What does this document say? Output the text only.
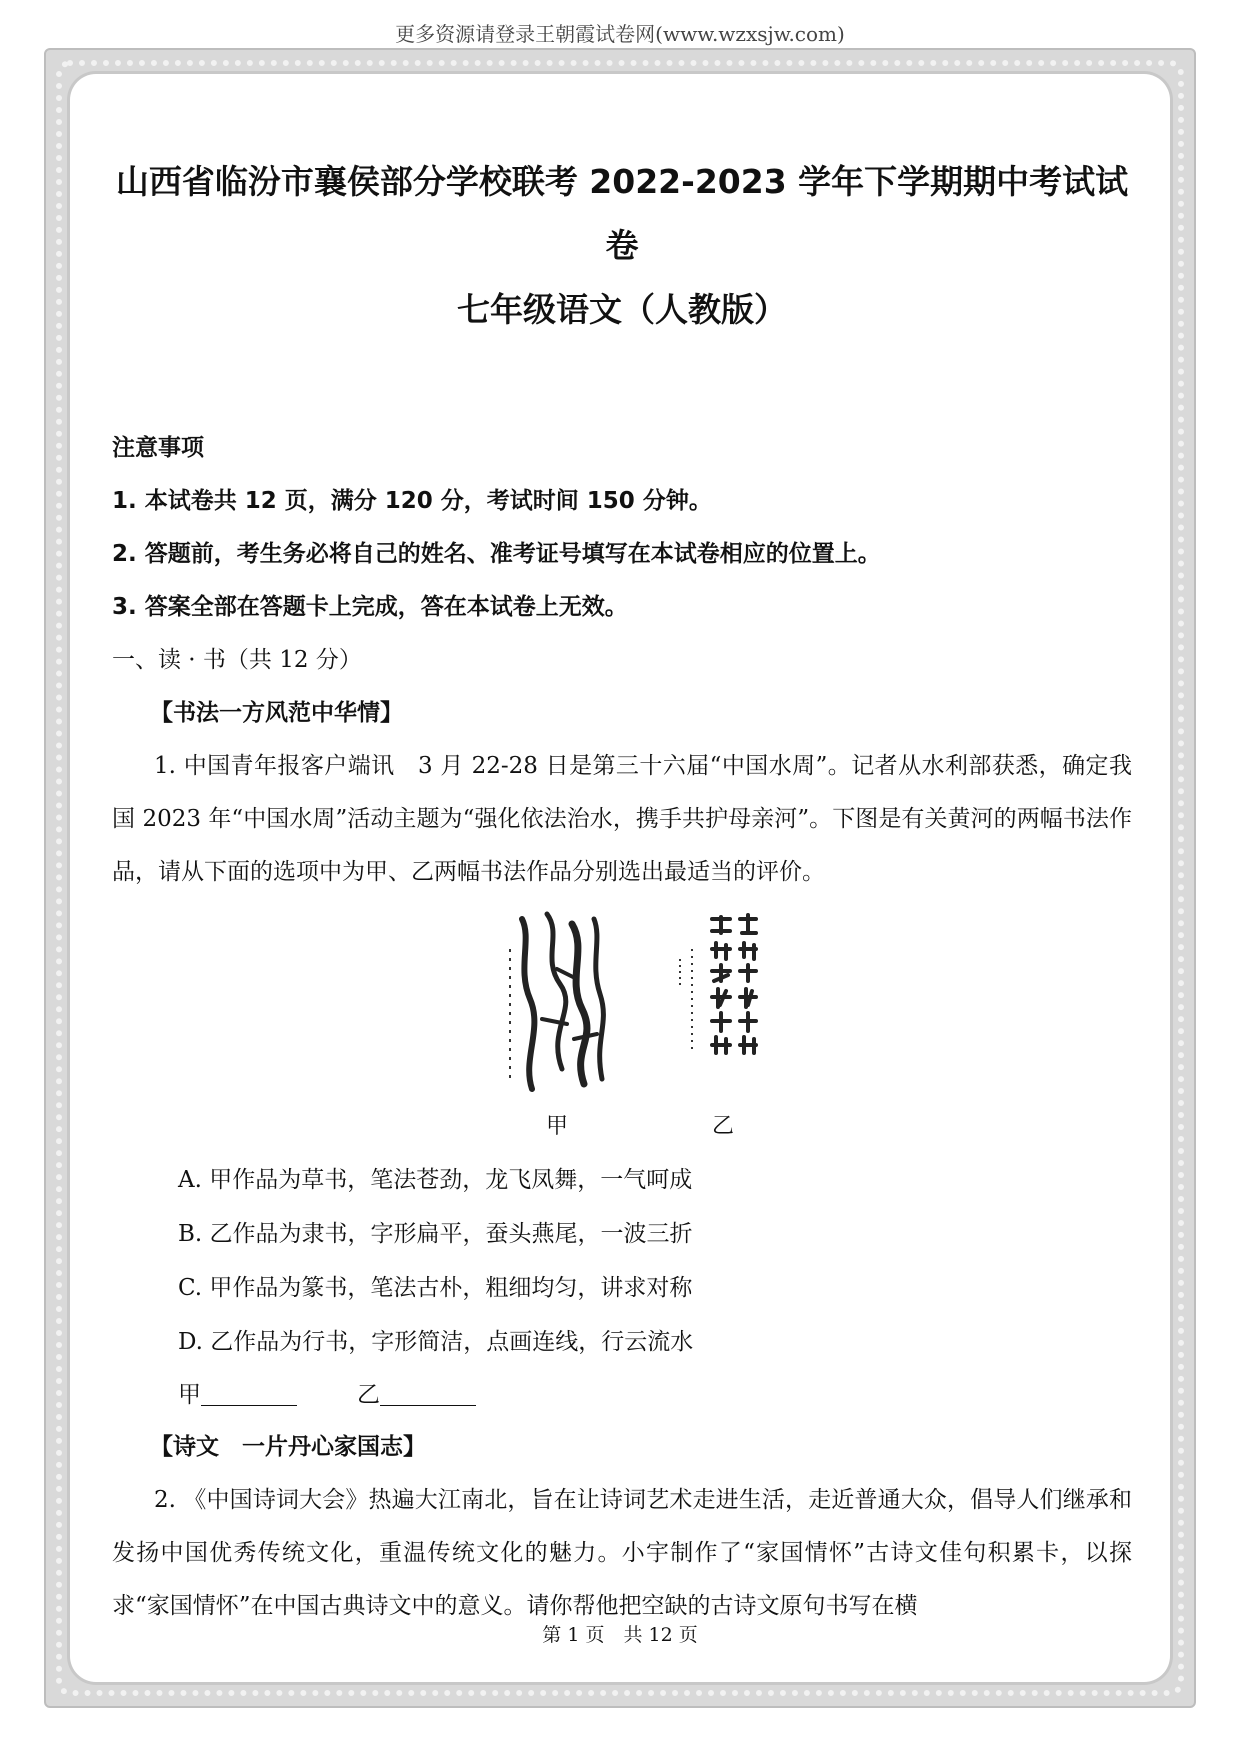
更多资源请登录王朝霞试卷网(www.wzxsjw.com)

山西省临汾市襄侯部分学校联考 2022-2023 学年下学期期中考试试卷

七年级语文（人教版）

注意事项
1. 本试卷共 12 页，满分 120 分，考试时间 150 分钟。
2. 答题前，考生务必将自己的姓名、准考证号填写在本试卷相应的位置上。
3. 答案全部在答题卡上完成，答在本试卷上无效。
一、读 · 书（共 12 分）
【书法一方风范中华情】

1. 中国青年报客户端讯　3 月 22-28 日是第三十六届“中国水周”。记者从水利部获悉，确定我国 2023 年“中国水周”活动主题为“强化依法治水，携手共护母亲河”。下图是有关黄河的两幅书法作品，请从下面的选项中为甲、乙两幅书法作品分别选出最适当的评价。

甲	乙
A. 甲作品为草书，笔法苍劲，龙飞凤舞，一气呵成
B. 乙作品为隶书，字形扁平，蚕头燕尾，一波三折
C. 甲作品为篆书，笔法古朴，粗细均匀，讲求对称
D. 乙作品为行书，字形简洁，点画连线，行云流水
甲	乙
【诗文　一片丹心家国志】

2. 《中国诗词大会》热遍大江南北，旨在让诗词艺术走进生活，走近普通大众，倡导人们继承和发扬中国优秀传统文化，重温传统文化的魅力。小宇制作了“家国情怀”古诗文佳句积累卡，以探求“家国情怀”在中国古典诗文中的意义。请你帮他把空缺的古诗文原句书写在横

第 1 页　共 12 页
